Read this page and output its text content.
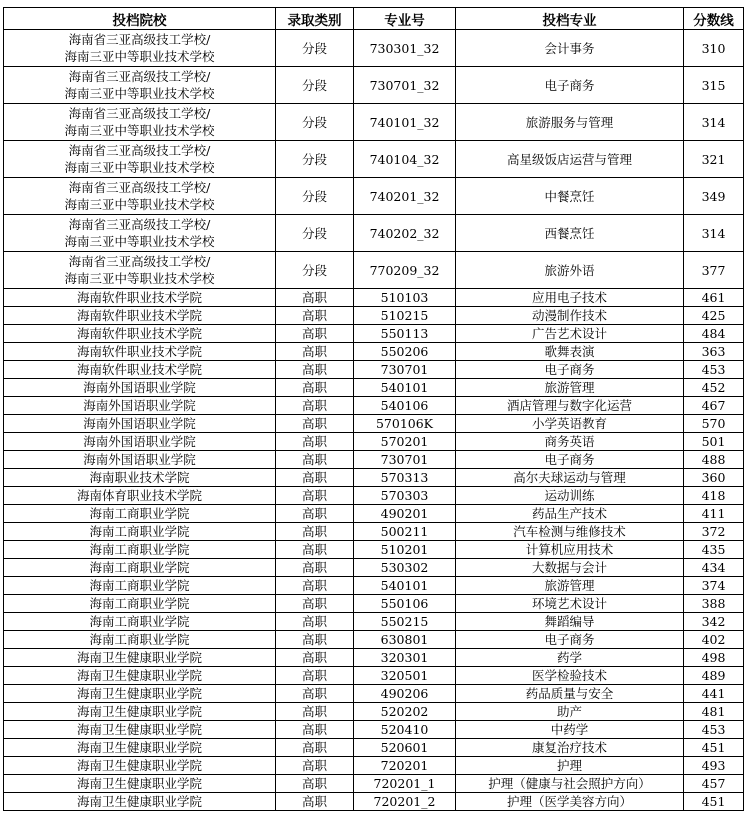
投档院校	录取类别	专业号	投档专业	分数线

海南省三亚高级技工学校/
海南三亚中等职业技术学校	分段	730301_32	会计事务	310

海南省三亚高级技工学校/
海南三亚中等职业技术学校	分段	730701_32	电子商务	315

海南省三亚高级技工学校/
海南三亚中等职业技术学校	分段	740101_32	旅游服务与管理	314

海南省三亚高级技工学校/
海南三亚中等职业技术学校	分段	740104_32	高星级饭店运营与管理	321

海南省三亚高级技工学校/
海南三亚中等职业技术学校	分段	740201_32	中餐烹饪	349

海南省三亚高级技工学校/
海南三亚中等职业技术学校	分段	740202_32	西餐烹饪	314

海南省三亚高级技工学校/
海南三亚中等职业技术学校	分段	770209_32	旅游外语	377

海南软件职业技术学院	高职	510103	应用电子技术	461

海南软件职业技术学院	高职	510215	动漫制作技术	425

海南软件职业技术学院	高职	550113	广告艺术设计	484

海南软件职业技术学院	高职	550206	歌舞表演	363

海南软件职业技术学院	高职	730701	电子商务	453

海南外国语职业学院	高职	540101	旅游管理	452

海南外国语职业学院	高职	540106	酒店管理与数字化运营	467

海南外国语职业学院	高职	570106K	小学英语教育	570

海南外国语职业学院	高职	570201	商务英语	501

海南外国语职业学院	高职	730701	电子商务	488

海南职业技术学院	高职	570313	高尔夫球运动与管理	360

海南体育职业技术学院	高职	570303	运动训练	418

海南工商职业学院	高职	490201	药品生产技术	411

海南工商职业学院	高职	500211	汽车检测与维修技术	372

海南工商职业学院	高职	510201	计算机应用技术	435

海南工商职业学院	高职	530302	大数据与会计	434

海南工商职业学院	高职	540101	旅游管理	374

海南工商职业学院	高职	550106	环境艺术设计	388

海南工商职业学院	高职	550215	舞蹈编导	342

海南工商职业学院	高职	630801	电子商务	402

海南卫生健康职业学院	高职	320301	药学	498

海南卫生健康职业学院	高职	320501	医学检验技术	489

海南卫生健康职业学院	高职	490206	药品质量与安全	441

海南卫生健康职业学院	高职	520202	助产	481

海南卫生健康职业学院	高职	520410	中药学	453

海南卫生健康职业学院	高职	520601	康复治疗技术	451

海南卫生健康职业学院	高职	720201	护理	493

海南卫生健康职业学院	高职	720201_1	护理（健康与社会照护方向）	457

海南卫生健康职业学院	高职	720201_2	护理（医学美容方向）	451
